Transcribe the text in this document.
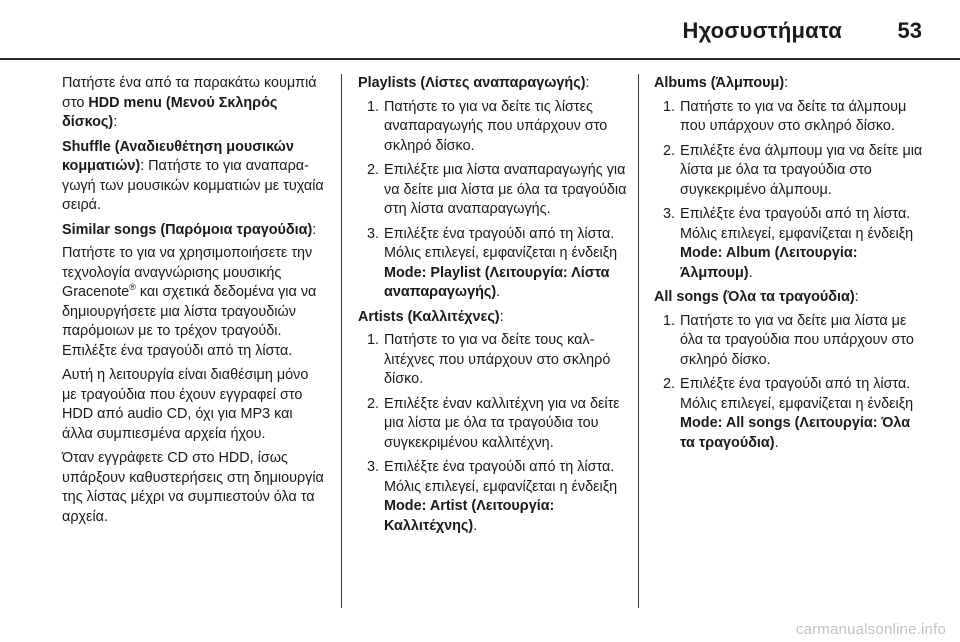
Ηχοσυστήματα	53

Πατήστε ένα από τα παρακάτω κουμπιά στο HDD menu (Μενού Σκληρός δίσκος):

Shuffle (Αναδιευθέτηση μουσικών κομματιών): Πατήστε το για αναπαραγωγή των μουσικών κομματιών με τυχαία σειρά.

Similar songs (Παρόμοια τραγούδια):

Πατήστε το για να χρησιμοποιήσετε την τεχνολογία αναγνώρισης μουσικής Gracenote® και σχετικά δεδομένα για να δημιουργήσετε μια λίστα τραγουδιών παρόμοιων με το τρέχον τραγούδι. Επιλέξτε ένα τραγούδι από τη λίστα.

Αυτή η λειτουργία είναι διαθέσιμη μόνο με τραγούδια που έχουν εγγραφεί στο HDD από audio CD, όχι για MP3 και άλλα συμπιεσμένα αρχεία ήχου.

Όταν εγγράφετε CD στο HDD, ίσως υπάρξουν καθυστερήσεις στη δημιουργία της λίστας μέχρι να συμπιεστούν όλα τα αρχεία.

Playlists (Λίστες αναπαραγωγής):

1. Πατήστε το για να δείτε τις λίστες αναπαραγωγής που υπάρχουν στο σκληρό δίσκο.
2. Επιλέξτε μια λίστα αναπαραγωγής για να δείτε μια λίστα με όλα τα τραγούδια στη λίστα αναπαραγωγής.
3. Επιλέξτε ένα τραγούδι από τη λίστα. Μόλις επιλεγεί, εμφανίζεται η ένδειξη Mode: Playlist (Λειτουργία: Λίστα αναπαραγωγής).

Artists (Καλλιτέχνες):

1. Πατήστε το για να δείτε τους καλλιτέχνες που υπάρχουν στο σκληρό δίσκο.
2. Επιλέξτε έναν καλλιτέχνη για να δείτε μια λίστα με όλα τα τραγούδια του συγκεκριμένου καλλιτέχνη.
3. Επιλέξτε ένα τραγούδι από τη λίστα. Μόλις επιλεγεί, εμφανίζεται η ένδειξη Mode: Artist (Λειτουργία: Καλλιτέχνης).

Albums (Άλμπουμ):

1. Πατήστε το για να δείτε τα άλμπουμ που υπάρχουν στο σκληρό δίσκο.
2. Επιλέξτε ένα άλμπουμ για να δείτε μια λίστα με όλα τα τραγούδια στο συγκεκριμένο άλμπουμ.
3. Επιλέξτε ένα τραγούδι από τη λίστα. Μόλις επιλεγεί, εμφανίζεται η ένδειξη Mode: Album (Λειτουργία: Άλμπουμ).

All songs (Όλα τα τραγούδια):

1. Πατήστε το για να δείτε μια λίστα με όλα τα τραγούδια που υπάρχουν στο σκληρό δίσκο.
2. Επιλέξτε ένα τραγούδι από τη λίστα. Μόλις επιλεγεί, εμφανίζεται η ένδειξη Mode: All songs (Λειτουργία: Όλα τα τραγούδια).
carmanualsonline.info
